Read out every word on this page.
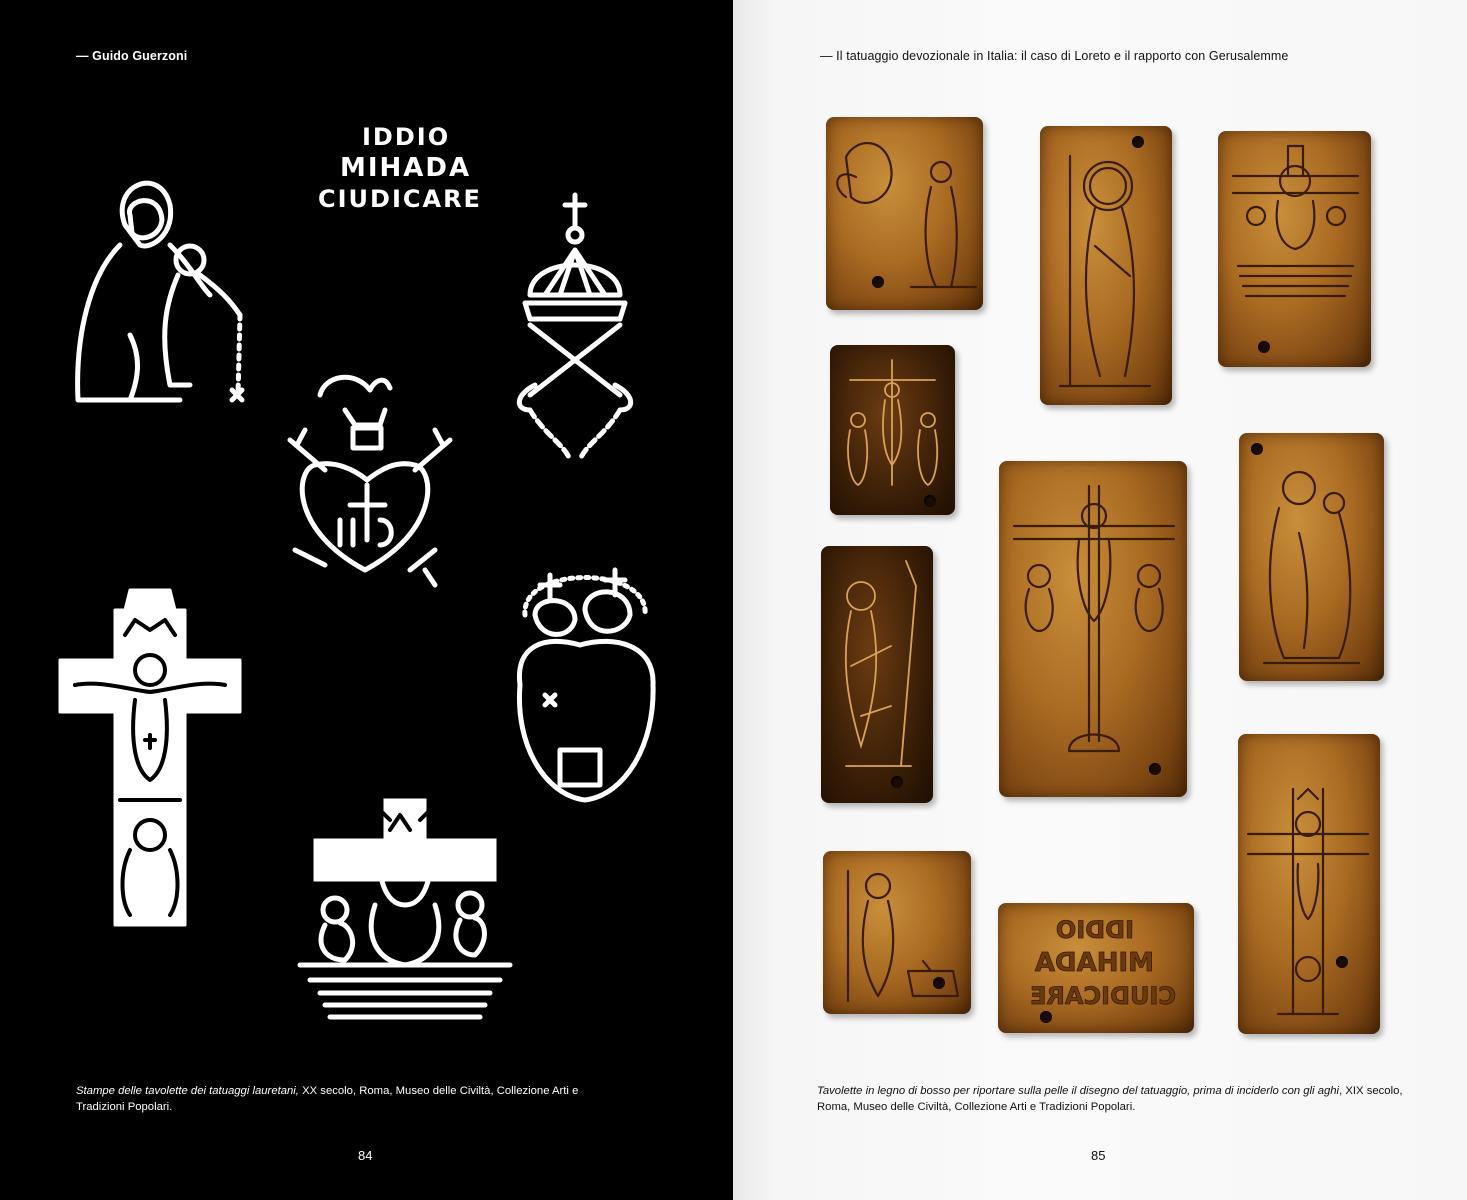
— Guido Guerzoni
IDDIO
MIHADA
CIUDICARE
Stampe delle tavolette dei tatuaggi lauretani, XX secolo, Roma, Museo delle Civiltà, Collezione Arti e Tradizioni Popolari.
84
— Il tatuaggio devozionale in Italia: il caso di Loreto e il rapporto con Gerusalemme
IDDIO
MIHADA
CIUDICARE
Tavolette in legno di bosso per riportare sulla pelle il disegno del tatuaggio, prima di inciderlo con gli aghi, XIX secolo, Roma, Museo delle Civiltà, Collezione Arti e Tradizioni Popolari.
85
